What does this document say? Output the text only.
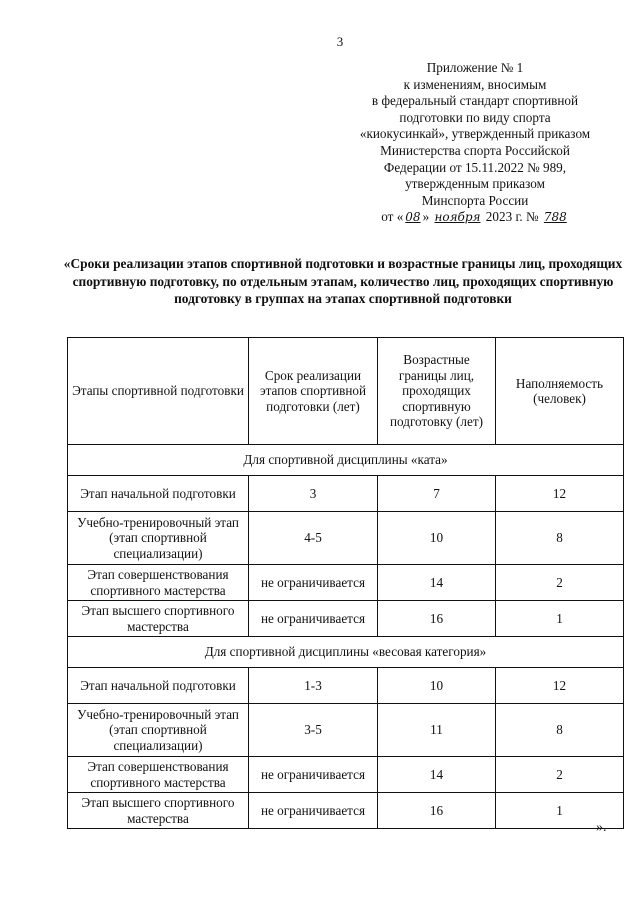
3
Приложение № 1
к изменениям, вносимым
в федеральный стандарт спортивной
подготовки по виду спорта
«киокусинкай», утвержденный приказом
Министерства спорта Российской
Федерации от 15.11.2022 № 989,
утвержденным приказом
Минспорта России
от « 08 » ноября 2023 г. № 788
«Сроки реализации этапов спортивной подготовки и возрастные границы лиц, проходящих спортивную подготовку, по отдельным этапам, количество лиц, проходящих спортивную подготовку в группах на этапах спортивной подготовки
Этапы спортивной подготовки	Срок реализации этапов спортивной подготовки (лет)	Возрастные границы лиц, проходящих спортивную подготовку (лет)	Наполняемость (человек)
Для спортивной дисциплины «ката»			
Этап начальной подготовки	3	7	12
Учебно-тренировочный этап (этап спортивной специализации)	4-5	10	8
Этап совершенствования спортивного мастерства	не ограничивается	14	2
Этап высшего спортивного мастерства	не ограничивается	16	1
Для спортивной дисциплины «весовая категория»			
Этап начальной подготовки	1-3	10	12
Учебно-тренировочный этап (этап спортивной специализации)	3-5	11	8
Этап совершенствования спортивного мастерства	не ограничивается	14	2
Этап высшего спортивного мастерства	не ограничивается	16	1
».
